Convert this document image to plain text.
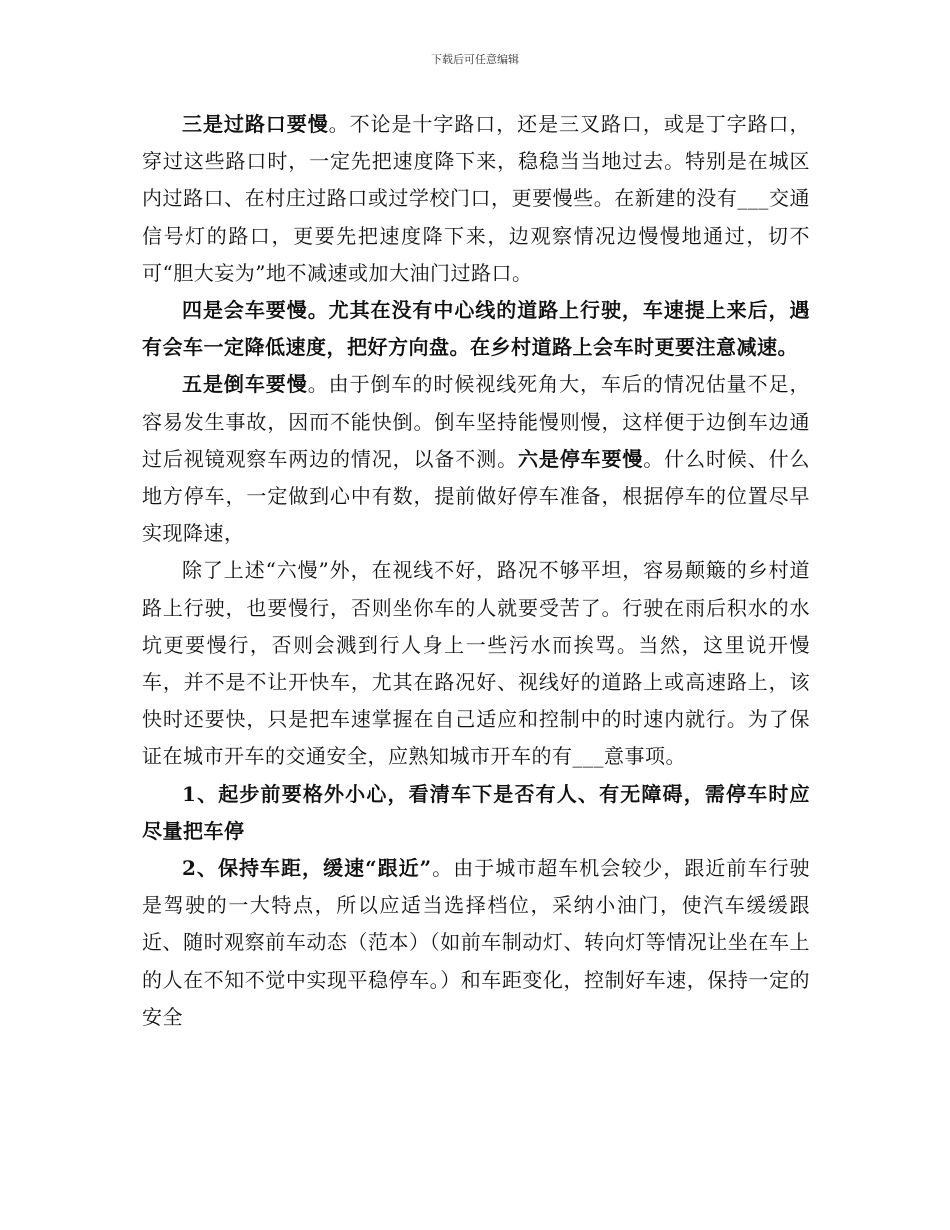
下载后可任意编辑

三是过路口要慢。不论是十字路口，还是三叉路口，或是丁字路口，穿过这些路口时，一定先把速度降下来，稳稳当当地过去。特别是在城区内过路口、在村庄过路口或过学校门口，更要慢些。在新建的没有___交通信号灯的路口，更要先把速度降下来，边观察情况边慢慢地通过，切不可“胆大妄为”地不减速或加大油门过路口。

四是会车要慢。尤其在没有中心线的道路上行驶，车速提上来后，遇有会车一定降低速度，把好方向盘。在乡村道路上会车时更要注意减速。

五是倒车要慢。由于倒车的时候视线死角大，车后的情况估量不足，容易发生事故，因而不能快倒。倒车坚持能慢则慢，这样便于边倒车边通过后视镜观察车两边的情况，以备不测。六是停车要慢。什么时候、什么地方停车，一定做到心中有数，提前做好停车准备，根据停车的位置尽早实现降速，

除了上述“六慢”外，在视线不好，路况不够平坦，容易颠簸的乡村道路上行驶，也要慢行，否则坐你车的人就要受苦了。行驶在雨后积水的水坑更要慢行，否则会溅到行人身上一些污水而挨骂。当然，这里说开慢车，并不是不让开快车，尤其在路况好、视线好的道路上或高速路上，该快时还要快，只是把车速掌握在自己适应和控制中的时速内就行。为了保证在城市开车的交通安全，应熟知城市开车的有___意事项。

1、起步前要格外小心，看清车下是否有人、有无障碍，需停车时应尽量把车停

2、保持车距，缓速“跟近”。由于城市超车机会较少，跟近前车行驶是驾驶的一大特点，所以应适当选择档位，采纳小油门，使汽车缓缓跟近、随时观察前车动态（范本）（如前车制动灯、转向灯等情况让坐在车上的人在不知不觉中实现平稳停车。）和车距变化，控制好车速，保持一定的安全
